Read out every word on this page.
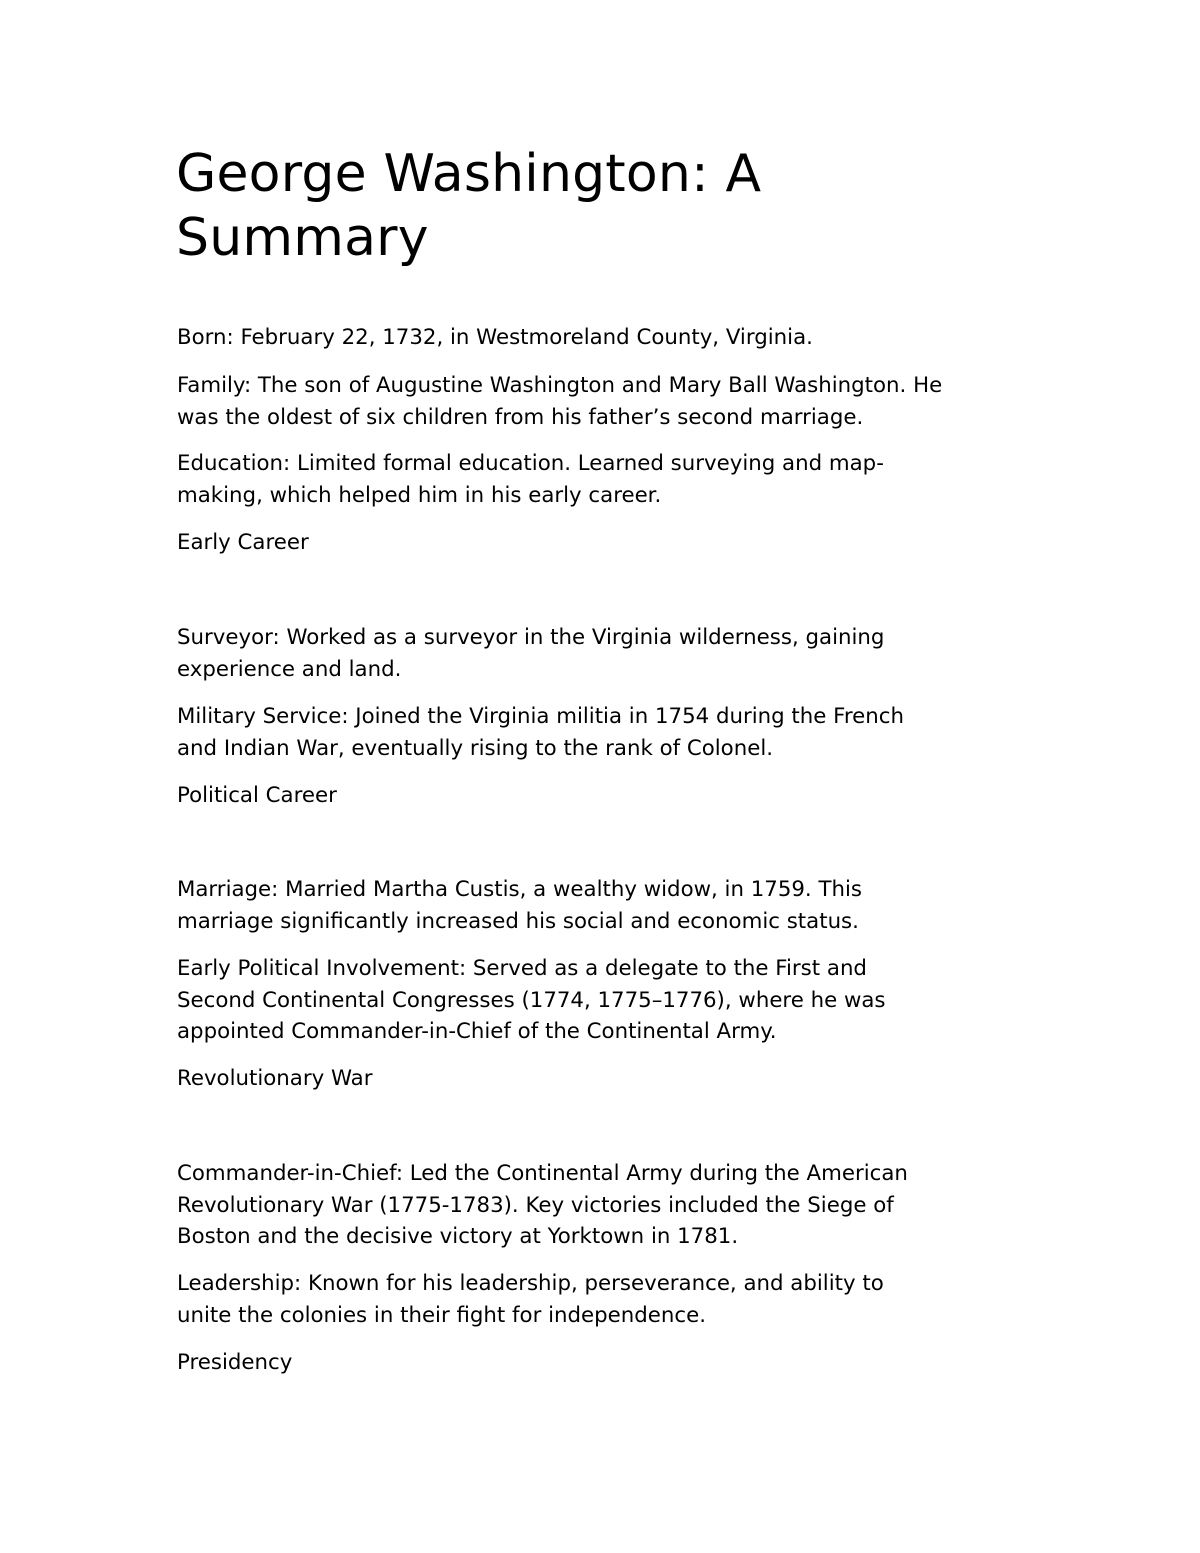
George Washington: A
Summary

Born: February 22, 1732, in Westmoreland County, Virginia.

Family: The son of Augustine Washington and Mary Ball Washington. He
was the oldest of six children from his father’s second marriage.

Education: Limited formal education. Learned surveying and map-
making, which helped him in his early career.

Early Career

Surveyor: Worked as a surveyor in the Virginia wilderness, gaining
experience and land.

Military Service: Joined the Virginia militia in 1754 during the French
and Indian War, eventually rising to the rank of Colonel.

Political Career

Marriage: Married Martha Custis, a wealthy widow, in 1759. This
marriage significantly increased his social and economic status.

Early Political Involvement: Served as a delegate to the First and
Second Continental Congresses (1774, 1775–1776), where he was
appointed Commander-in-Chief of the Continental Army.

Revolutionary War

Commander-in-Chief: Led the Continental Army during the American
Revolutionary War (1775-1783). Key victories included the Siege of
Boston and the decisive victory at Yorktown in 1781.

Leadership: Known for his leadership, perseverance, and ability to
unite the colonies in their fight for independence.

Presidency
